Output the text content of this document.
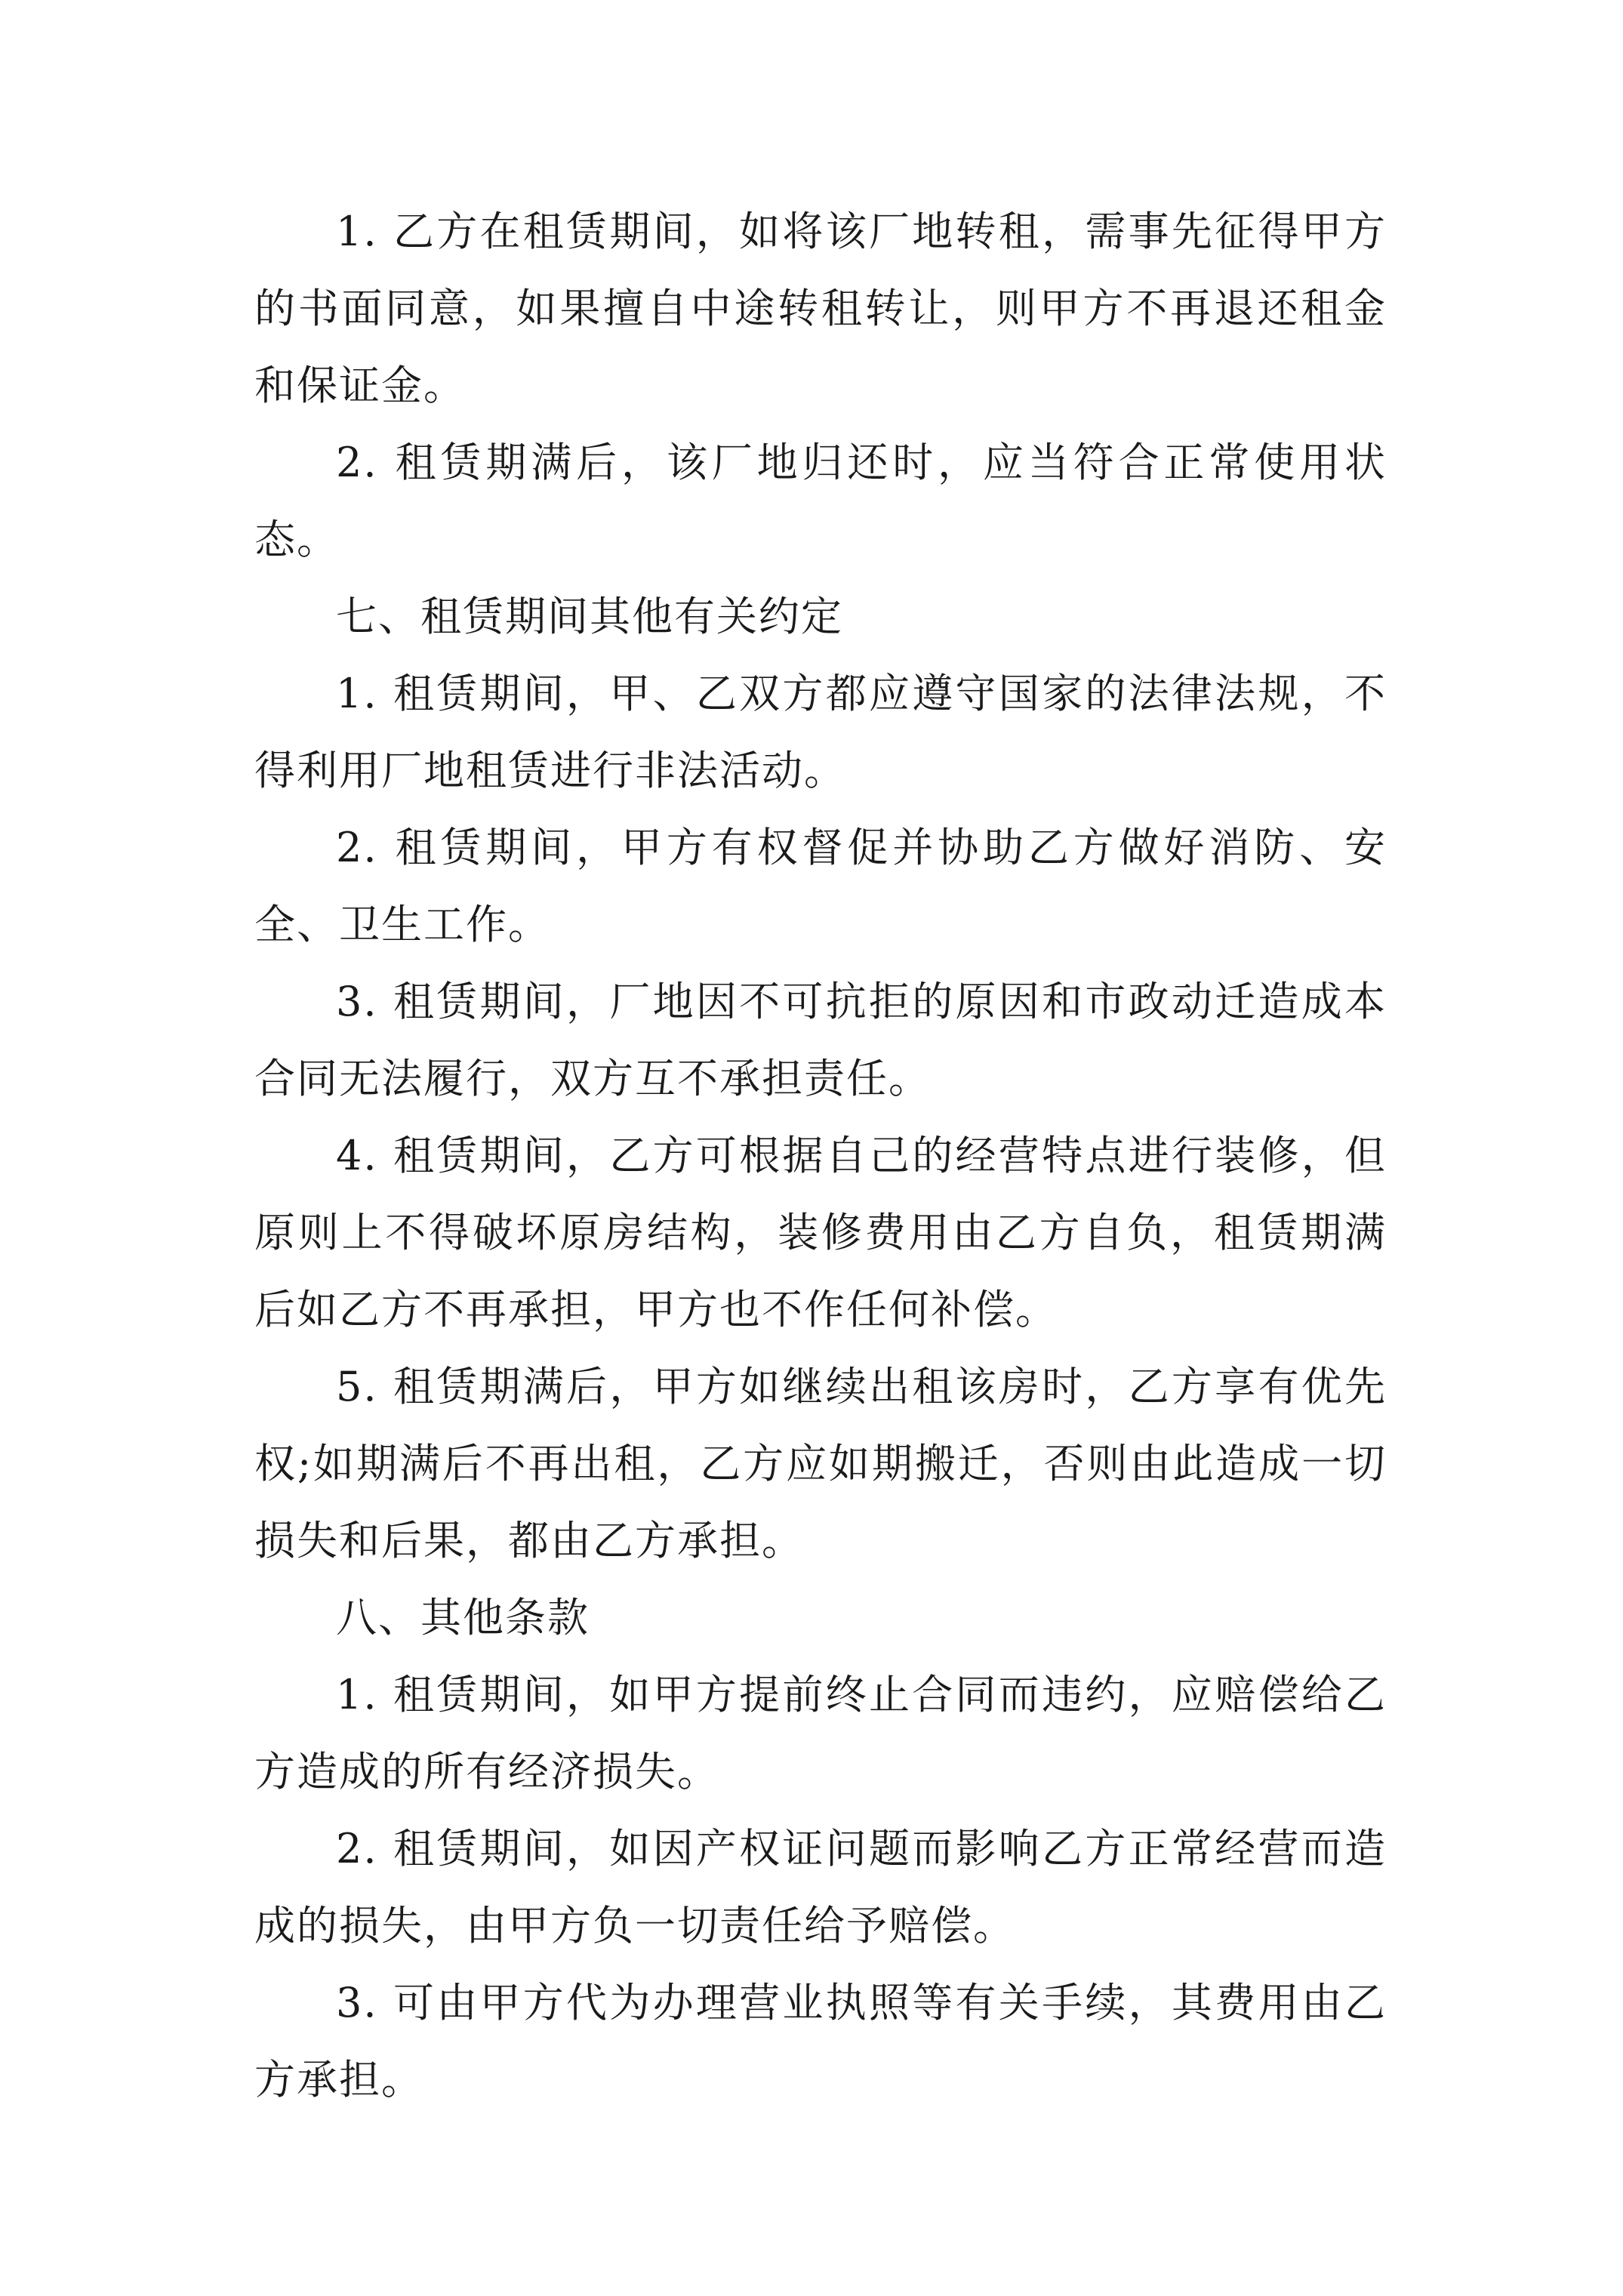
1. 乙方在租赁期间，如将该厂地转租，需事先征得甲方的书面同意，如果擅自中途转租转让，则甲方不再退还租金和保证金。

2. 租赁期满后，该厂地归还时，应当符合正常使用状态。

七、租赁期间其他有关约定

1. 租赁期间，甲、乙双方都应遵守国家的法律法规，不得利用厂地租赁进行非法活动。

2. 租赁期间，甲方有权督促并协助乙方做好消防、安全、卫生工作。

3. 租赁期间，厂地因不可抗拒的原因和市政动迁造成本合同无法履行，双方互不承担责任。

4. 租赁期间，乙方可根据自己的经营特点进行装修，但原则上不得破坏原房结构，装修费用由乙方自负，租赁期满后如乙方不再承担，甲方也不作任何补偿。

5. 租赁期满后，甲方如继续出租该房时，乙方享有优先权;如期满后不再出租，乙方应如期搬迁，否则由此造成一切损失和后果，都由乙方承担。

八、其他条款

1. 租赁期间，如甲方提前终止合同而违约，应赔偿给乙方造成的所有经济损失。

2. 租赁期间，如因产权证问题而影响乙方正常经营而造成的损失，由甲方负一切责任给予赔偿。

3. 可由甲方代为办理营业执照等有关手续，其费用由乙方承担。
